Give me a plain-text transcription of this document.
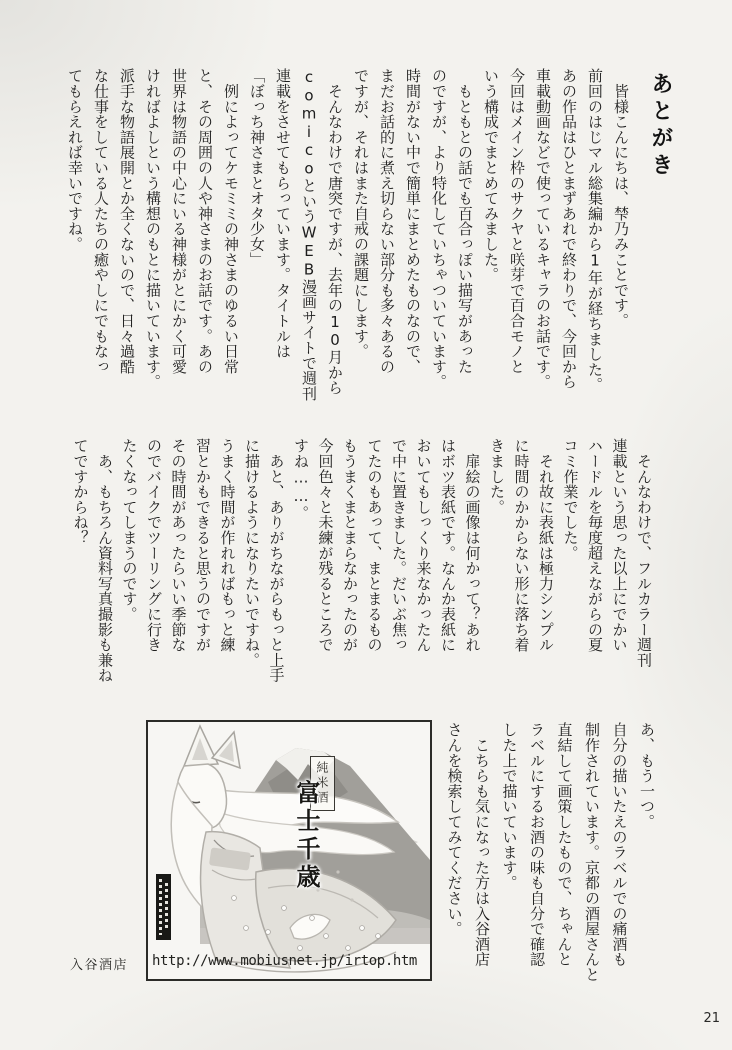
あとがき

　皆様こんにちは、梺乃みことです。

前回のはじマル総集編から1年が経ちました。

あの作品はひとまずあれで終わりで、今回から

車載動画などで使っているキャラのお話です。

今回はメイン枠のサクヤと咲芽で百合モノと

いう構成でまとめてみました。

　もともとの話でも百合っぽい描写があった

のですが、より特化していちゃついています。

時間がない中で簡単にまとめたものなので、

まだお話的に煮え切らない部分も多々あるの

ですが、それはまた自戒の課題にします。

　そんなわけで唐突ですが、去年の10月から

comicoというWEB漫画サイトで週刊

連載をさせてもらっています。タイトルは

「ぼっち神さまとオタ少女」

　例によってケモミミの神さまのゆるい日常

と、その周囲の人や神さまのお話です。あの

世界は物語の中心にいる神様がとにかく可愛

ければよしという構想のもとに描いています。

派手な物語展開とか全くないので、日々過酷

な仕事をしている人たちの癒やしにでもなっ

てもらえれば幸いですね。

　そんなわけで、フルカラー週刊

連載という思った以上にでかい

ハードルを毎度超えながらの夏

コミ作業でした。

　それ故に表紙は極力シンプル

に時間のかからない形に落ち着

きました。

　扉絵の画像は何かって？あれ

はボツ表紙です。なんか表紙に

おいてもしっくり来なかったん

で中に置きました。だいぶ焦っ

てたのもあって、まとまるもの

もうまくまとまらなかったのが

今回色々と未練が残るところで

すね……。

　あと、ありがちながらもっと上手

に描けるようになりたいですね。

うまく時間が作れればもっと練

習とかもできると思うのですが

その時間があったらいい季節な

のでバイクでツーリングに行き

たくなってしまうのです。

　あ、もちろん資料写真撮影も兼ね

てですからね？

あ、もう一つ。

自分の描いたえのラベルでの痛酒も

制作されています。京都の酒屋さんと

直結して画策したもので、ちゃんと

ラベルにするお酒の味も自分で確認

した上で描いています。

　こちらも気になった方は入谷酒店

さんを検索してみてください。

純米酒
富士千歳
入谷酒店 http://www.mobiusnet.jp/irtop.htm
21
